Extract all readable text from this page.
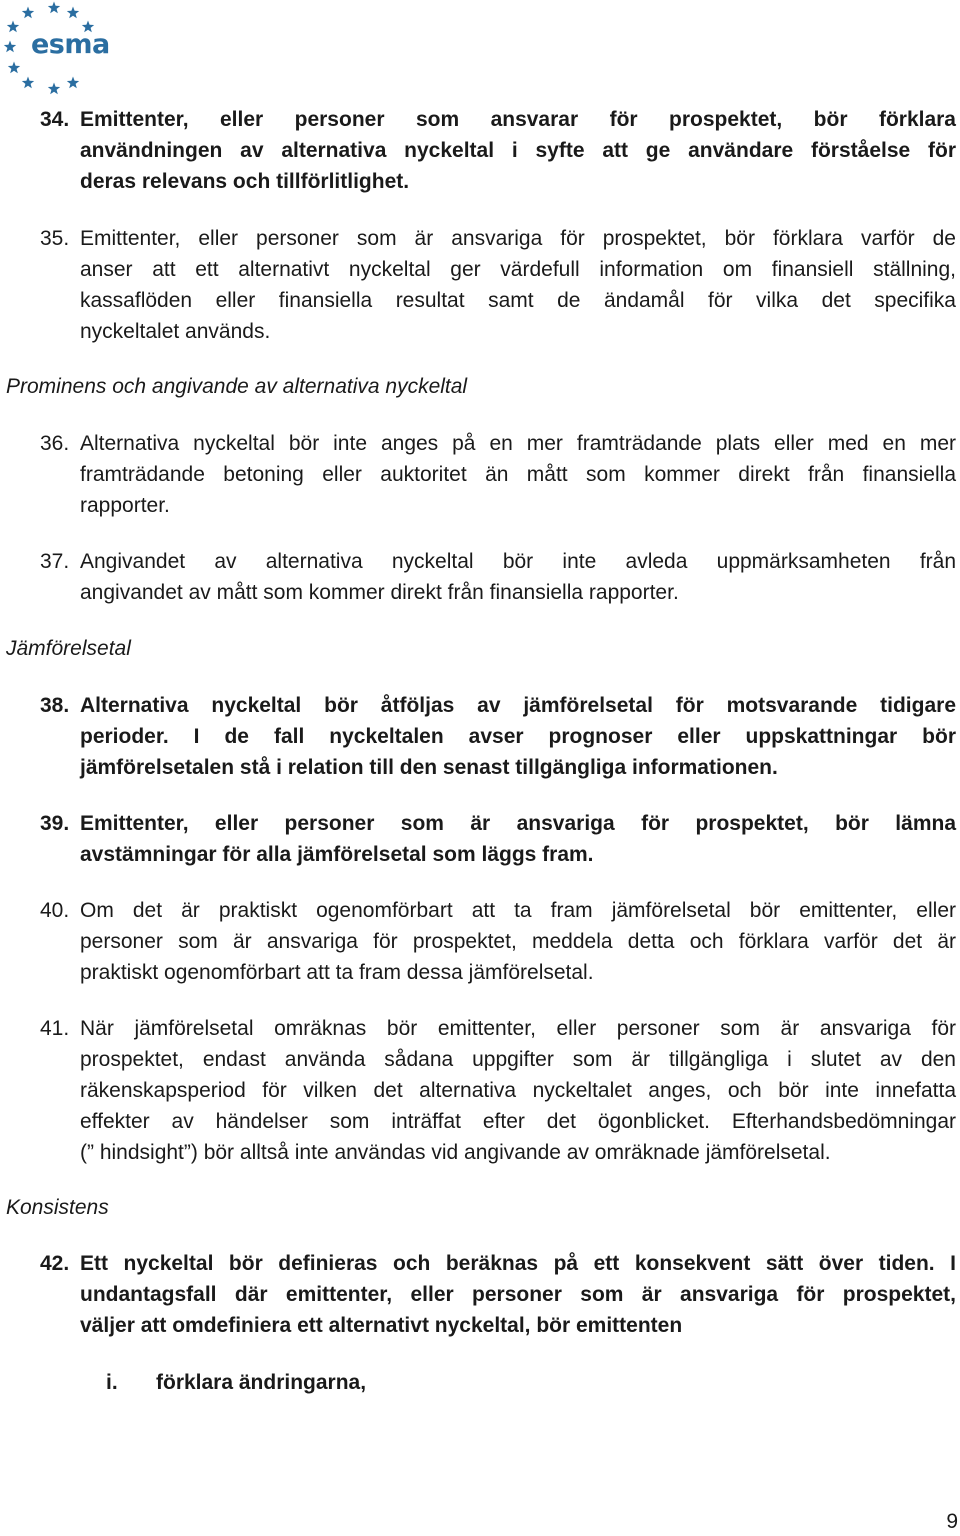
esma
34. Emittenter, eller personer som ansvarar för prospektet, bör förklara
användningen av alternativa nyckeltal i syfte att ge användare förståelse för
deras relevans och tillförlitlighet.
35. Emittenter, eller personer som är ansvariga för prospektet, bör förklara varför de
anser att ett alternativt nyckeltal ger värdefull information om finansiell ställning,
kassaflöden eller finansiella resultat samt de ändamål för vilka det specifika
nyckeltalet används.
Prominens och angivande av alternativa nyckeltal
36. Alternativa nyckeltal bör inte anges på en mer framträdande plats eller med en mer
framträdande betoning eller auktoritet än mått som kommer direkt från finansiella
rapporter.
37. Angivandet av alternativa nyckeltal bör inte avleda uppmärksamheten från
angivandet av mått som kommer direkt från finansiella rapporter.
Jämförelsetal
38. Alternativa nyckeltal bör åtföljas av jämförelsetal för motsvarande tidigare
perioder. I de fall nyckeltalen avser prognoser eller uppskattningar bör
jämförelsetalen stå i relation till den senast tillgängliga informationen.
39. Emittenter, eller personer som är ansvariga för prospektet, bör lämna
avstämningar för alla jämförelsetal som läggs fram.
40. Om det är praktiskt ogenomförbart att ta fram jämförelsetal bör emittenter, eller
personer som är ansvariga för prospektet, meddela detta och förklara varför det är
praktiskt ogenomförbart att ta fram dessa jämförelsetal.
41. När jämförelsetal omräknas bör emittenter, eller personer som är ansvariga för
prospektet, endast använda sådana uppgifter som är tillgängliga i slutet av den
räkenskapsperiod för vilken det alternativa nyckeltalet anges, och bör inte innefatta
effekter av händelser som inträffat efter det ögonblicket. Efterhandsbedömningar
(” hindsight”) bör alltså inte användas vid angivande av omräknade jämförelsetal.
Konsistens
42. Ett nyckeltal bör definieras och beräknas på ett konsekvent sätt över tiden. I
undantagsfall där emittenter, eller personer som är ansvariga för prospektet,
väljer att omdefiniera ett alternativt nyckeltal, bör emittenten
i. förklara ändringarna,
9
